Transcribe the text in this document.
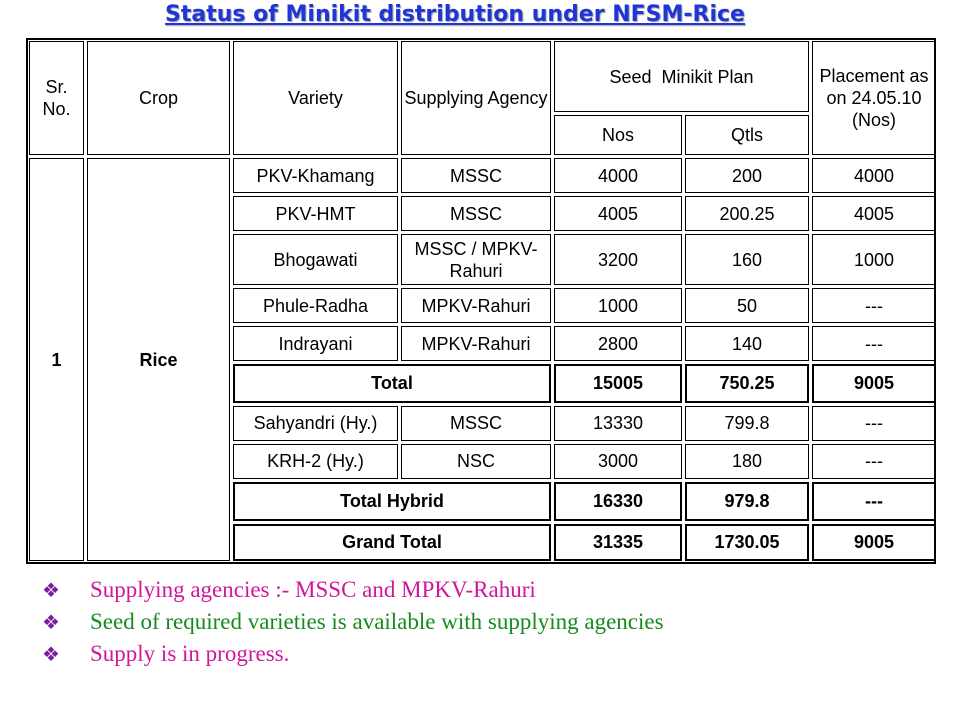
Status of Minikit distribution under NFSM-Rice
Sr. No.	Crop	Variety	Supplying Agency	Seed  Minikit Plan		Placement as on 24.05.10 (Nos)
				Nos	Qtls	
1	Rice	PKV-Khamang	MSSC	4000	200	4000
		PKV-HMT	MSSC	4005	200.25	4005
		Bhogawati	MSSC / MPKV-Rahuri	3200	160	1000
		Phule-Radha	MPKV-Rahuri	1000	50	---
		Indrayani	MPKV-Rahuri	2800	140	---
		Total		15005	750.25	9005
		Sahyandri (Hy.)	MSSC	13330	799.8	---
		KRH-2 (Hy.)	NSC	3000	180	---
		Total Hybrid		16330	979.8	---
		Grand Total		31335	1730.05	9005
❖ Supplying agencies :- MSSC and MPKV-Rahuri
❖ Seed of required varieties is available with supplying agencies
❖ Supply is in progress.
